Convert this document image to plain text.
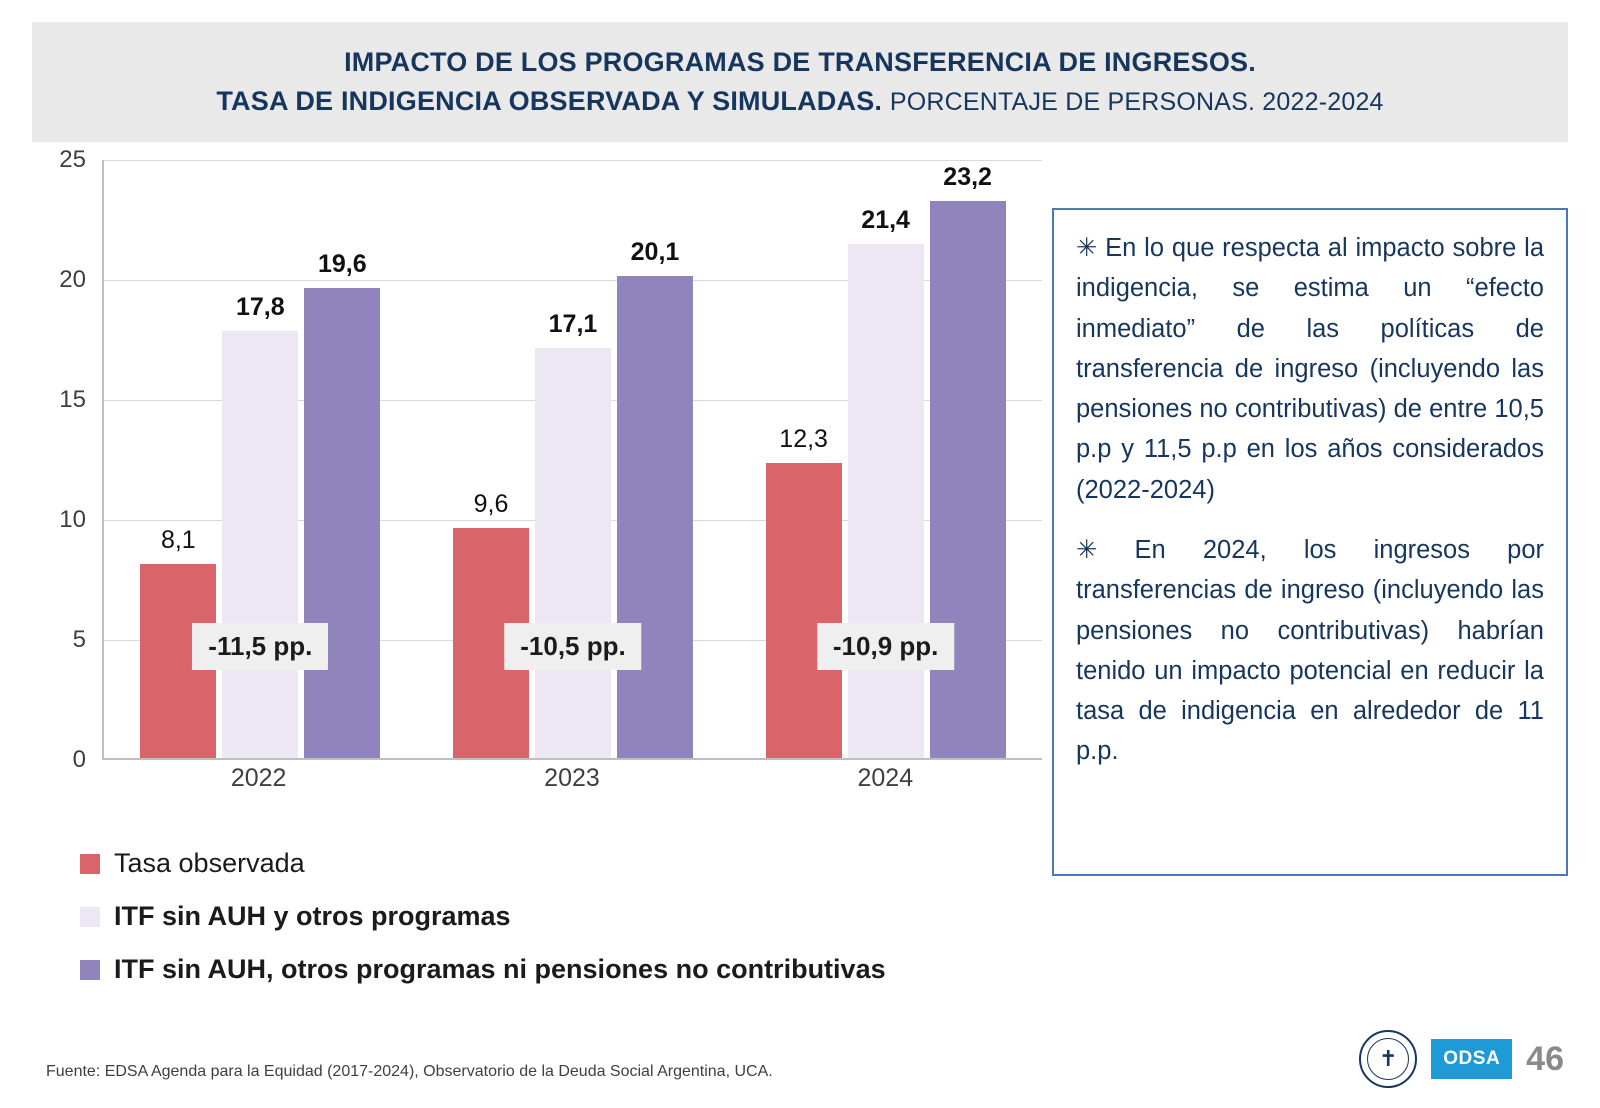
IMPACTO DE LOS PROGRAMAS DE TRANSFERENCIA DE INGRESOS.
TASA DE INDIGENCIA OBSERVADA Y SIMULADAS. PORCENTAJE DE PERSONAS. 2022-2024
0
5
10
15
20
25
8,1
17,8
19,6
-11,5 pp.
9,6
17,1
20,1
-10,5 pp.
12,3
21,4
23,2
-10,9 pp.
2022	2023	2024
Tasa observada
ITF sin AUH y otros programas
ITF sin AUH, otros programas ni pensiones no contributivas

✳ En lo que respecta al impacto sobre la indigencia, se estima un “efecto inmediato” de las políticas de transferencia de ingreso (incluyendo las pensiones no contributivas) de entre 10,5 p.p y 11,5 p.p en los años considerados (2022-2024)

✳ En 2024, los ingresos por transferencias de ingreso (incluyendo las pensiones no contributivas) habrían tenido un impacto potencial en reducir la tasa de indigencia en alrededor de 11 p.p.

Fuente: EDSA Agenda para la Equidad (2017-2024), Observatorio de la Deuda Social Argentina, UCA.
✝	ODSA 46
